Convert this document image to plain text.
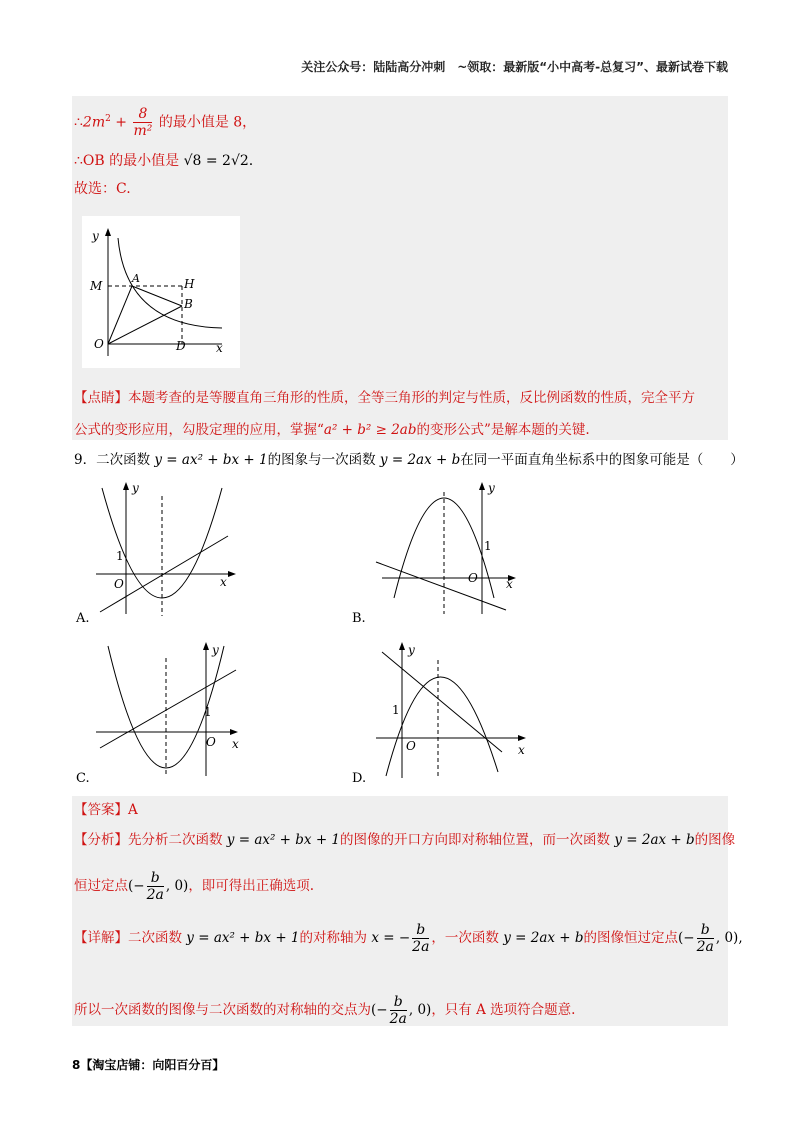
关注公众号：陆陆高分冲刺　~领取：最新版“小中高考-总复习”、最新试卷下载
$\therefore 2m^2 + \frac{8}{\text{m²}}$ 的最小值是 8，
∴OB 的最小值是 √8 = 2√2.
故选：C.
y
M
A	H
B
O	D	x
【点睛】本题考查的是等腰直角三角形的性质，全等三角形的判定与性质，反比例函数的性质，完全平方
公式的变形应用，勾股定理的应用，掌握“a² + b² ≥ 2ab的变形公式”是解本题的关键.
9．二次函数 y = ax² + bx + 1的图象与一次函数 y = 2ax + b在同一平面直角坐标系中的图象可能是（　　）
y
1
O	x
A.
y
1
O x
B.
y
1
O x
C.
y
1
O	x
D.
【答案】A
【分析】先分析二次函数 y = ax² + bx + 1的图像的开口方向即对称轴位置，而一次函数 y = 2ax + b的图像
恒过定点(− $\frac{b}{2a}$ , 0)，即可得出正确选项.
【详解】二次函数 y = ax² + bx + 1的对称轴为 x = − $\frac{b}{2a}$ ，一次函数 y = 2ax + b的图像恒过定点(− $\frac{b}{2a}$ , 0),
所以一次函数的图像与二次函数的对称轴的交点为(− $\frac{b}{2a}$ , 0)，只有 A 选项符合题意.
8【淘宝店铺：向阳百分百】
